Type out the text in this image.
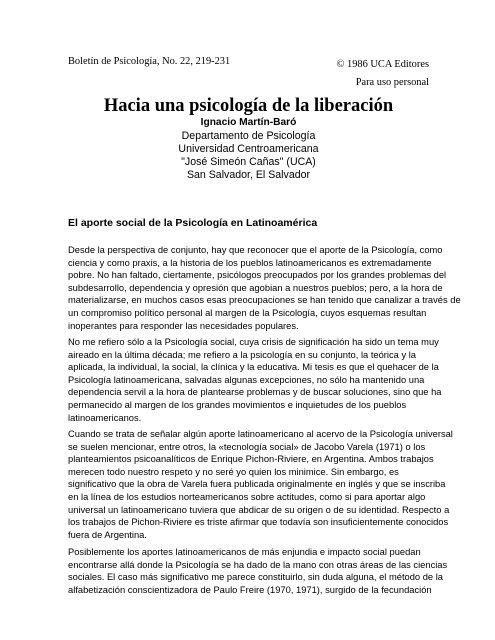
Boletín de Psicología, No. 22, 219-231	© 1986 UCA Editores
Para uso personal
Hacia una psicología de la liberación
Ignacio Martín-Baró
Departamento de Psicología
Universidad Centroamericana
"José Simeón Cañas" (UCA)
San Salvador, El Salvador
El aporte social de la Psicología en Latinoamérica
Desde la perspectiva de conjunto, hay que reconocer que el aporte de la Psicología, como
ciencia y como praxis, a la historia de los pueblos latinoamericanos es extremadamente
pobre. No han faltado, ciertamente, psicólogos preocupados por los grandes problemas del
subdesarrollo, dependencia y opresión que agobian a nuestros pueblos; pero, a la hora de
materializarse, en muchos casos esas preocupaciones se han tenido que canalizar a través de
un compromiso político personal al margen de la Psicología, cuyos esquemas resultan
inoperantes para responder las necesidades populares.
No me refiero sólo a la Psicología social, cuya crisis de significación ha sido un tema muy
aireado en la última década; me refiero a la psicología en su conjunto, la teórica y la
aplicada, la individual, la social, la clínica y la educativa. Mi tesis es que el quehacer de la
Psicología latinoamericana, salvadas algunas excepciones, no sólo ha mantenido una
dependencia servil a la hora de plantearse problemas y de buscar soluciones, sino que ha
permanecido al margen de los grandes movimientos e inquietudes de los pueblos
latinoamericanos.
Cuando se trata de señalar algún aporte latinoamericano al acervo de la Psicología universal
se suelen mencionar, entre otros, la «tecnología social» de Jacobo Varela (1971) o los
planteamientos psicoanalíticos de Enrique Pichon-Riviere, en Argentina. Ambos trabajos
merecen todo nuestro respeto y no seré yo quien los minimice. Sin embargo, es
significativo que la obra de Varela fuera publicada originalmente en inglés y que se inscriba
en la línea de los estudios norteamericanos sobre actitudes, como si para aportar algo
universal un latinoamericano tuviera que abdicar de su origen o de su identidad. Respecto a
los trabajos de Pichon-Riviere es triste afirmar que todavía son insuficientemente conocidos
fuera de Argentina.
Posiblemente los aportes latinoamericanos de más enjundia e impacto social puedan
encontrarse allá donde la Psicología se ha dado de la mano con otras áreas de las ciencias
sociales. El caso más significativo me parece constituirlo, sin duda alguna, el método de la
alfabetización conscientizadora de Paulo Freire (1970, 1971), surgido de la fecundación
